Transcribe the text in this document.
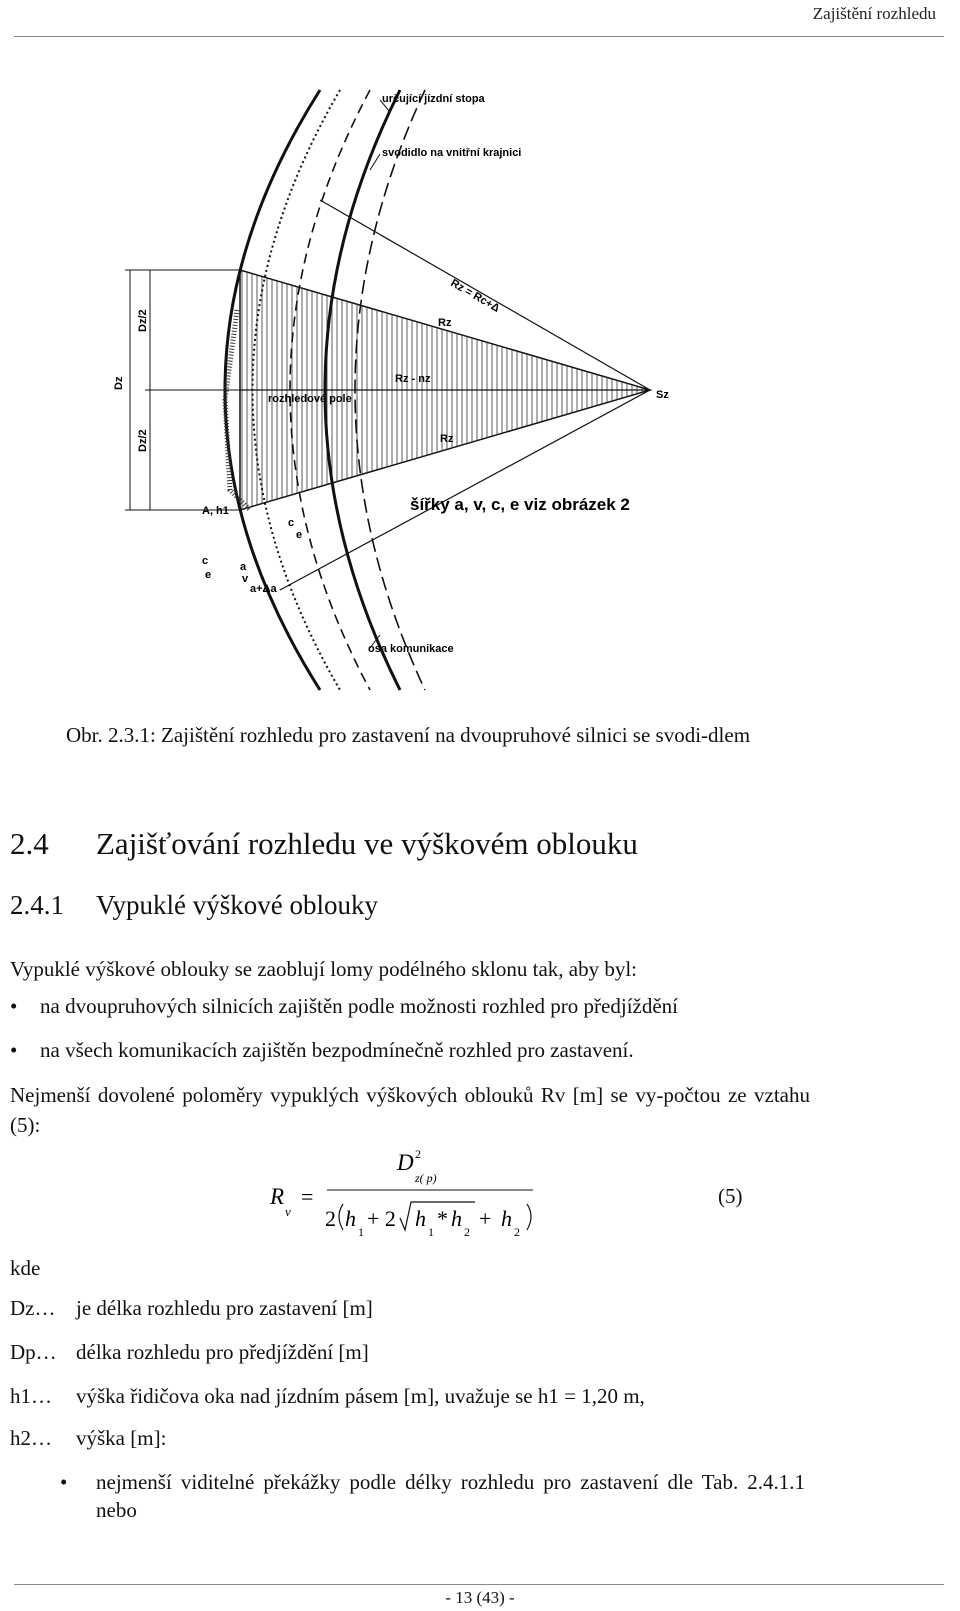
Zajištění rozhledu
určující jízdní stopa
svodidlo na vnitřní krajnici
Rz = Rc+Δ
Rz
Rz - nz
rozhledové pole	Sz
Rz
šířky a, v, c, e viz obrázek 2
osa komunikace
Dz
Dz/2
Dz/2
A, h1
e
c	a
v
a+Δa
c
e
Obr. 2.3.1: Zajištění rozhledu pro zastavení na dvoupruhové silnici se svodi-dlem
2.4 Zajišťování rozhledu ve výškovém oblouku
2.4.1 Vypuklé výškové oblouky
Vypuklé výškové oblouky se zaoblují lomy podélného sklonu tak, aby byl:
• na dvoupruhových silnicích zajištěn podle možnosti rozhled pro předjíždění
• na všech komunikacích zajištěn bezpodmínečně rozhled pro zastavení.
Nejmenší dovolené poloměry vypuklých výškových oblouků Rv [m] se vy-počtou ze vztahu (5):
R
v
=
D 2
z( p)
2 h
1
+ 2 h
1
* h
2
+ h
2
(5)
kde
Dz… je délka rozhledu pro zastavení [m]
Dp… délka rozhledu pro předjíždění [m]
h1… výška řidičova oka nad jízdním pásem [m], uvažuje se h1 = 1,20 m,
h2… výška [m]:
• nejmenší viditelné překážky podle délky rozhledu pro zastavení dle Tab. 2.4.1.1 nebo
- 13 (43) -
